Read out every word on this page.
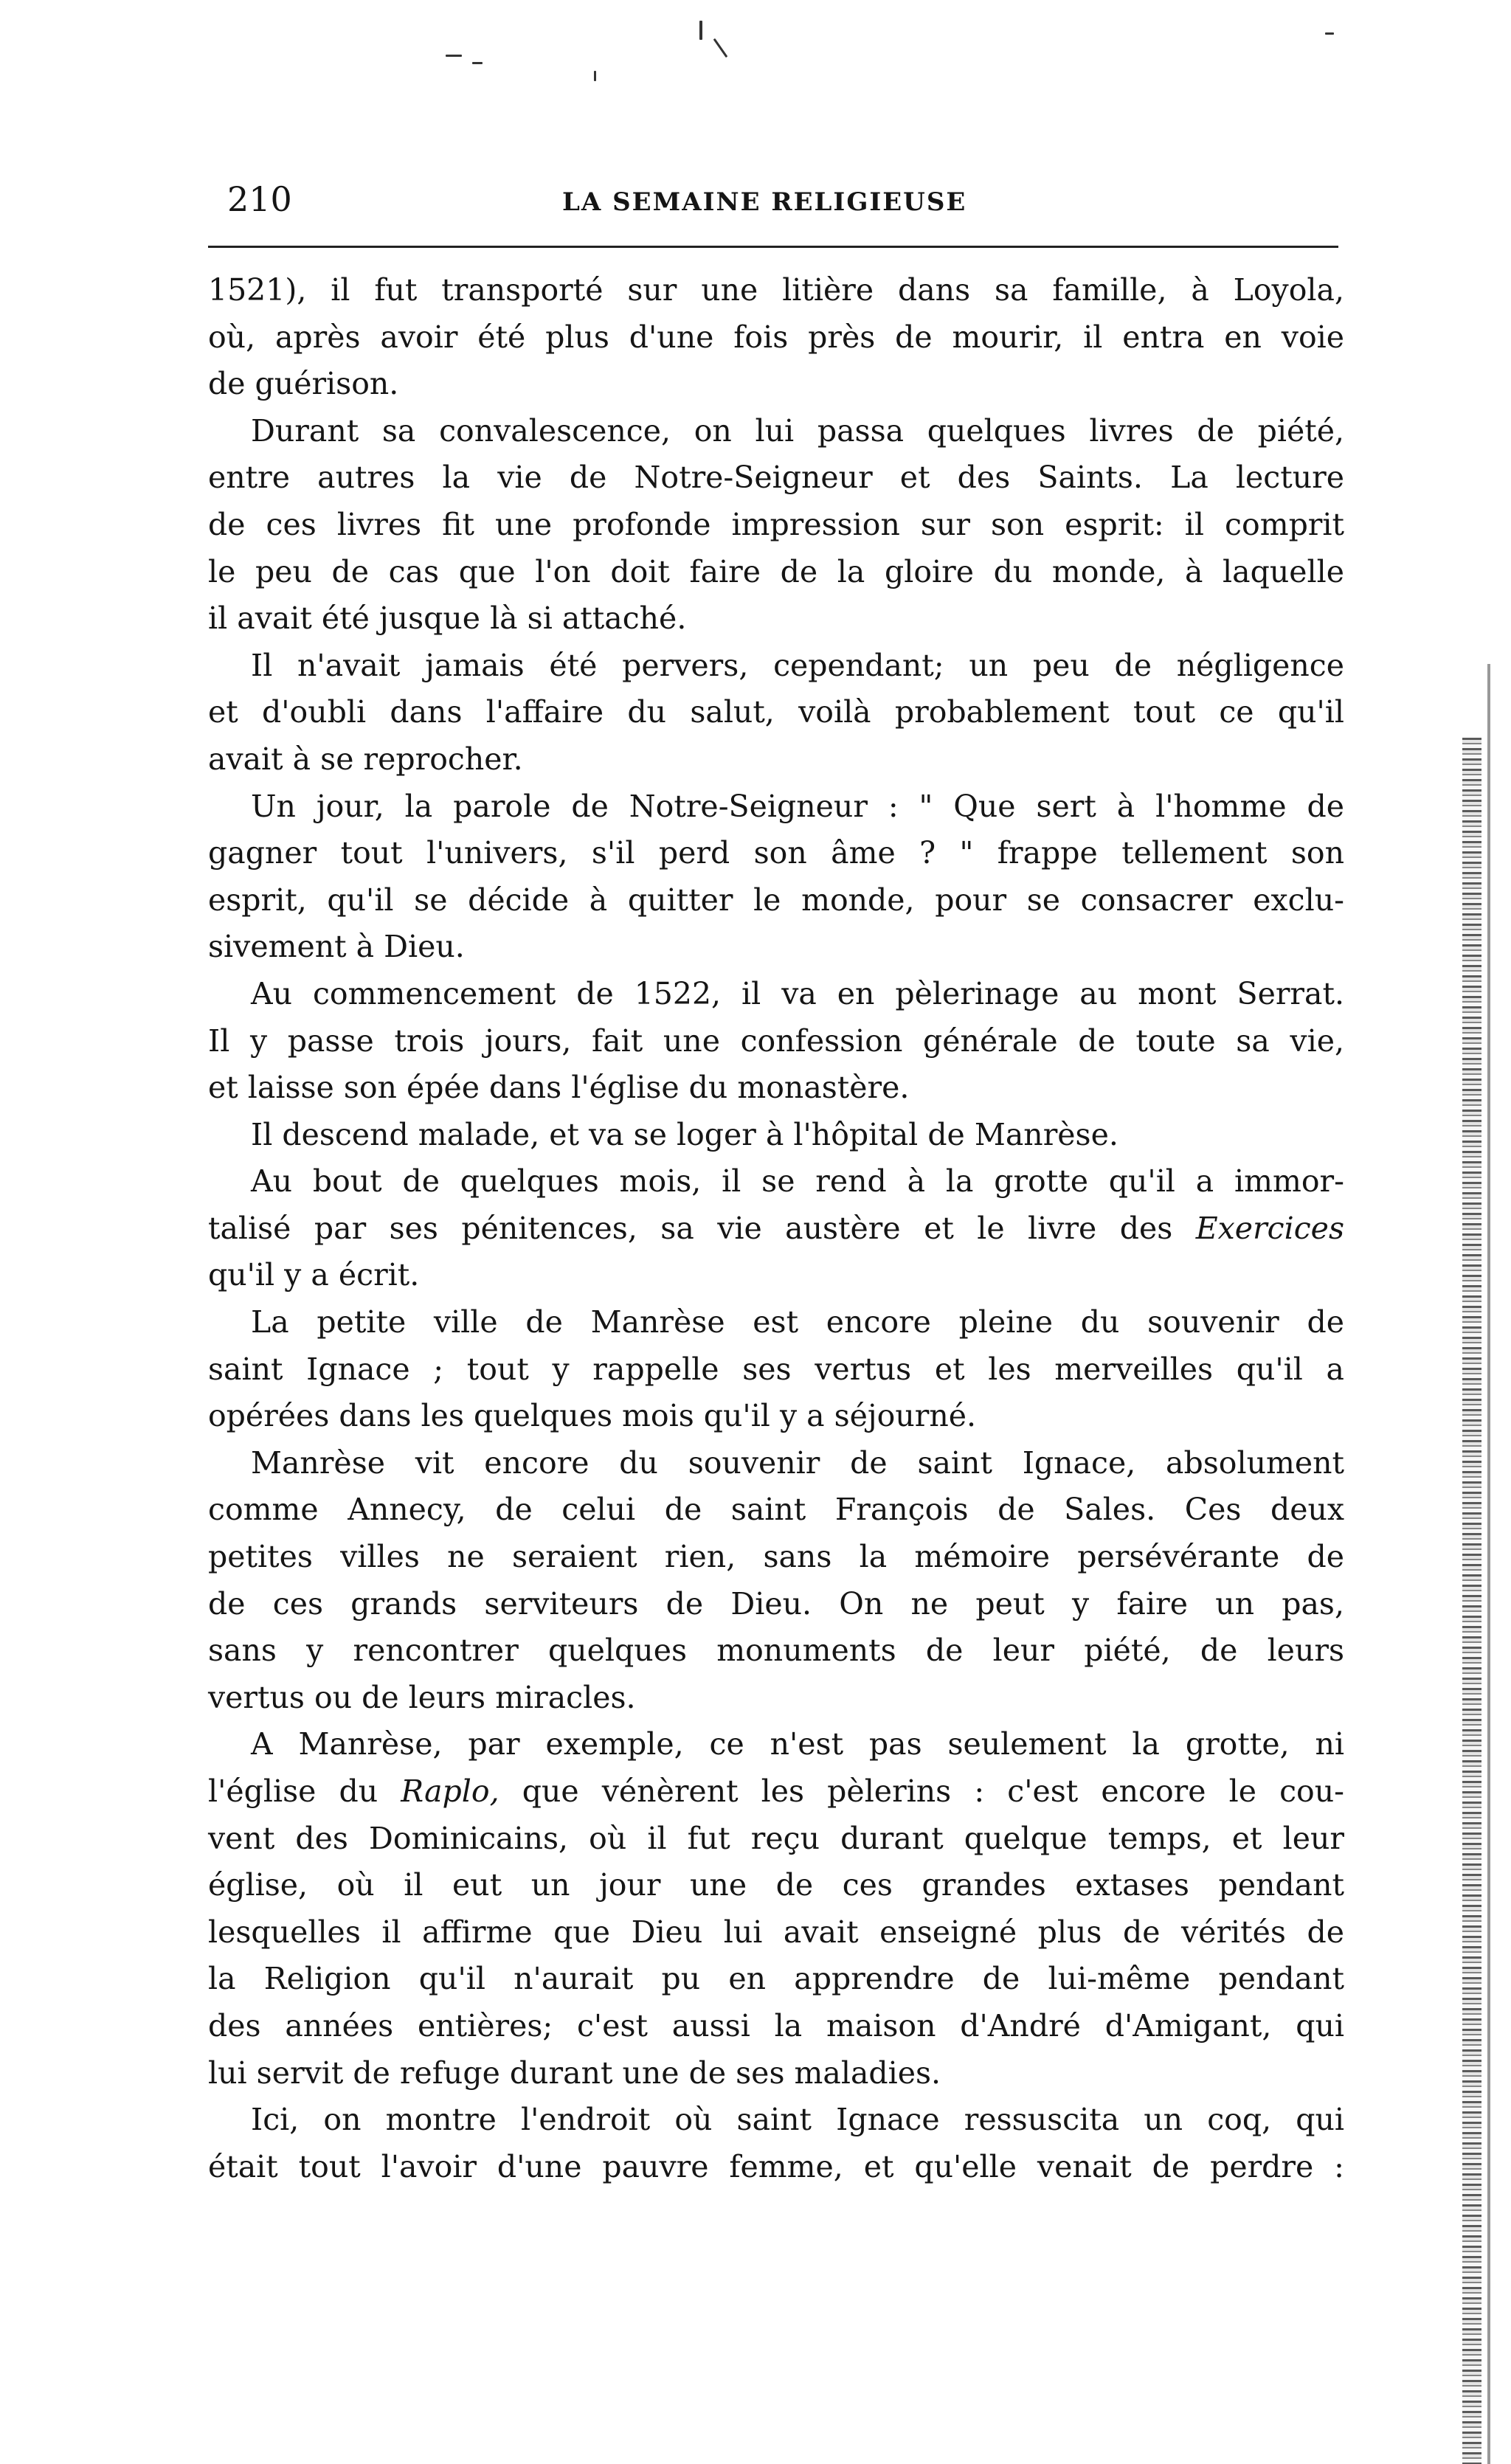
210	LA SEMAINE RELIGIEUSE
1521), il fut transporté sur une litière dans sa famille, à Loyola,
où, après avoir été plus d'une fois près de mourir, il entra en voie
de guérison.
Durant sa convalescence, on lui passa quelques livres de piété,
entre autres la vie de Notre-Seigneur et des Saints. La lecture
de ces livres fit une profonde impression sur son esprit: il comprit
le peu de cas que l'on doit faire de la gloire du monde, à laquelle
il avait été jusque là si attaché.
Il n'avait jamais été pervers, cependant; un peu de négligence
et d'oubli dans l'affaire du salut, voilà probablement tout ce qu'il
avait à se reprocher.
Un jour, la parole de Notre-Seigneur : " Que sert à l'homme de
gagner tout l'univers, s'il perd son âme ? " frappe tellement son
esprit, qu'il se décide à quitter le monde, pour se consacrer exclu-
sivement à Dieu.
Au commencement de 1522, il va en pèlerinage au mont Serrat.
Il y passe trois jours, fait une confession générale de toute sa vie,
et laisse son épée dans l'église du monastère.
Il descend malade, et va se loger à l'hôpital de Manrèse.
Au bout de quelques mois, il se rend à la grotte qu'il a immor-
talisé par ses pénitences, sa vie austère et le livre des Exercices
qu'il y a écrit.
La petite ville de Manrèse est encore pleine du souvenir de
saint Ignace ; tout y rappelle ses vertus et les merveilles qu'il a
opérées dans les quelques mois qu'il y a séjourné.
Manrèse vit encore du souvenir de saint Ignace, absolument
comme Annecy, de celui de saint François de Sales. Ces deux
petites villes ne seraient rien, sans la mémoire persévérante de
de ces grands serviteurs de Dieu. On ne peut y faire un pas,
sans y rencontrer quelques monuments de leur piété, de leurs
vertus ou de leurs miracles.
A Manrèse, par exemple, ce n'est pas seulement la grotte, ni
l'église du Raplo, que vénèrent les pèlerins : c'est encore le cou-
vent des Dominicains, où il fut reçu durant quelque temps, et leur
église, où il eut un jour une de ces grandes extases pendant
lesquelles il affirme que Dieu lui avait enseigné plus de vérités de
la Religion qu'il n'aurait pu en apprendre de lui-même pendant
des années entières; c'est aussi la maison d'André d'Amigant, qui
lui servit de refuge durant une de ses maladies.
Ici, on montre l'endroit où saint Ignace ressuscita un coq, qui
était tout l'avoir d'une pauvre femme, et qu'elle venait de perdre :
